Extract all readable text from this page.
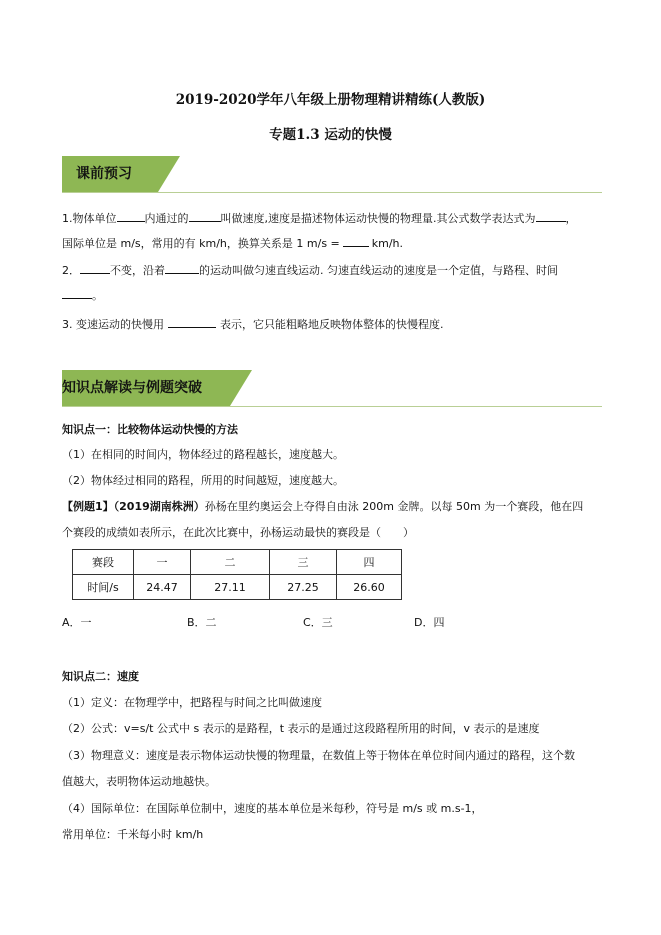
2019-2020学年八年级上册物理精讲精练(人教版)
专题1.3 运动的快慢
课前预习
1.物体单位	内通过的	叫做速度,速度是描述物体运动快慢的物理量.其公式数学表达式为	，
国际单位是 m/s，常用的有 km/h，换算关系是 1 m/s =	km/h.
2．	不变，沿着	的运动叫做匀速直线运动. 匀速直线运动的速度是一个定值，与路程、时间
。
3. 变速运动的快慢用	表示，它只能粗略地反映物体整体的快慢程度.
知识点解读与例题突破
知识点一：比较物体运动快慢的方法
（1）在相同的时间内，物体经过的路程越长，速度越大。
（2）物体经过相同的路程，所用的时间越短，速度越大。
【例题1】（2019湖南株洲）孙杨在里约奥运会上夺得自由泳 200m 金牌。以每 50m 为一个赛段，他在四
个赛段的成绩如表所示，在此次比赛中，孙杨运动最快的赛段是（　　）
赛段	一	二	三	四
时间/s	24.47	27.11	27.25	26.60
A．一	B．二	C．三	D．四
知识点二：速度
（1）定义：在物理学中，把路程与时间之比叫做速度
（2）公式：v=s/t 公式中 s 表示的是路程，t 表示的是通过这段路程所用的时间，v 表示的是速度
（3）物理意义：速度是表示物体运动快慢的物理量，在数值上等于物体在单位时间内通过的路程，这个数
值越大，表明物体运动地越快。
（4）国际单位：在国际单位制中，速度的基本单位是米每秒，符号是 m/s 或 m.s-1，
常用单位：千米每小时 km/h
